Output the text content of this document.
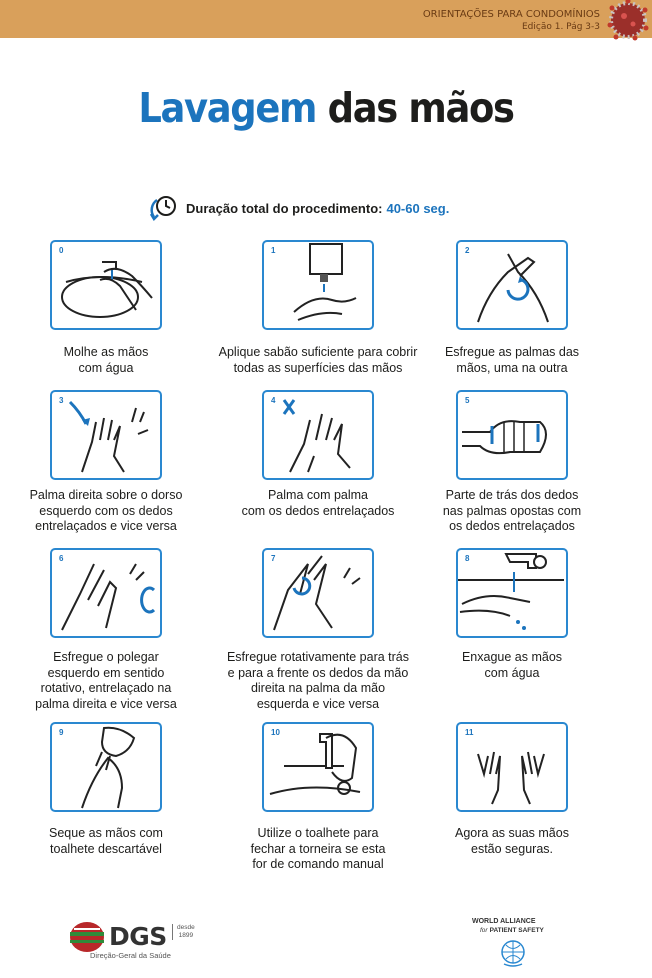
ORIENTAÇÕES PARA CONDOMÍNIOS
Edição 1. Pág 3-3
Lavagem das mãos
Duração total do procedimento: 40-60 seg.
0
Molhe as mãos
com água
1
Aplique sabão suficiente para cobrir
todas as superfícies das mãos
2
Esfregue as palmas das
mãos, uma na outra
3
Palma direita sobre o dorso
esquerdo com os dedos
entrelaçados e vice versa
4
Palma com palma
com os dedos entrelaçados
5
Parte de trás dos dedos
nas palmas opostas com
os dedos entrelaçados
6
Esfregue o polegar
esquerdo em sentido
rotativo, entrelaçado na
palma direita e vice versa
7
Esfregue rotativamente para trás
e para a frente os dedos da mão
direita na palma da mão
esquerda e vice versa
8
Enxague as mãos
com água
9
Seque as mãos com
toalhete descartável
10
Utilize o toalhete para
fechar a torneira se esta
for de comando manual
11
Agora as suas mãos
estão seguras.
DGS desde
1899
Direção-Geral da Saúde
WORLD ALLIANCE
for PATIENT SAFETY
